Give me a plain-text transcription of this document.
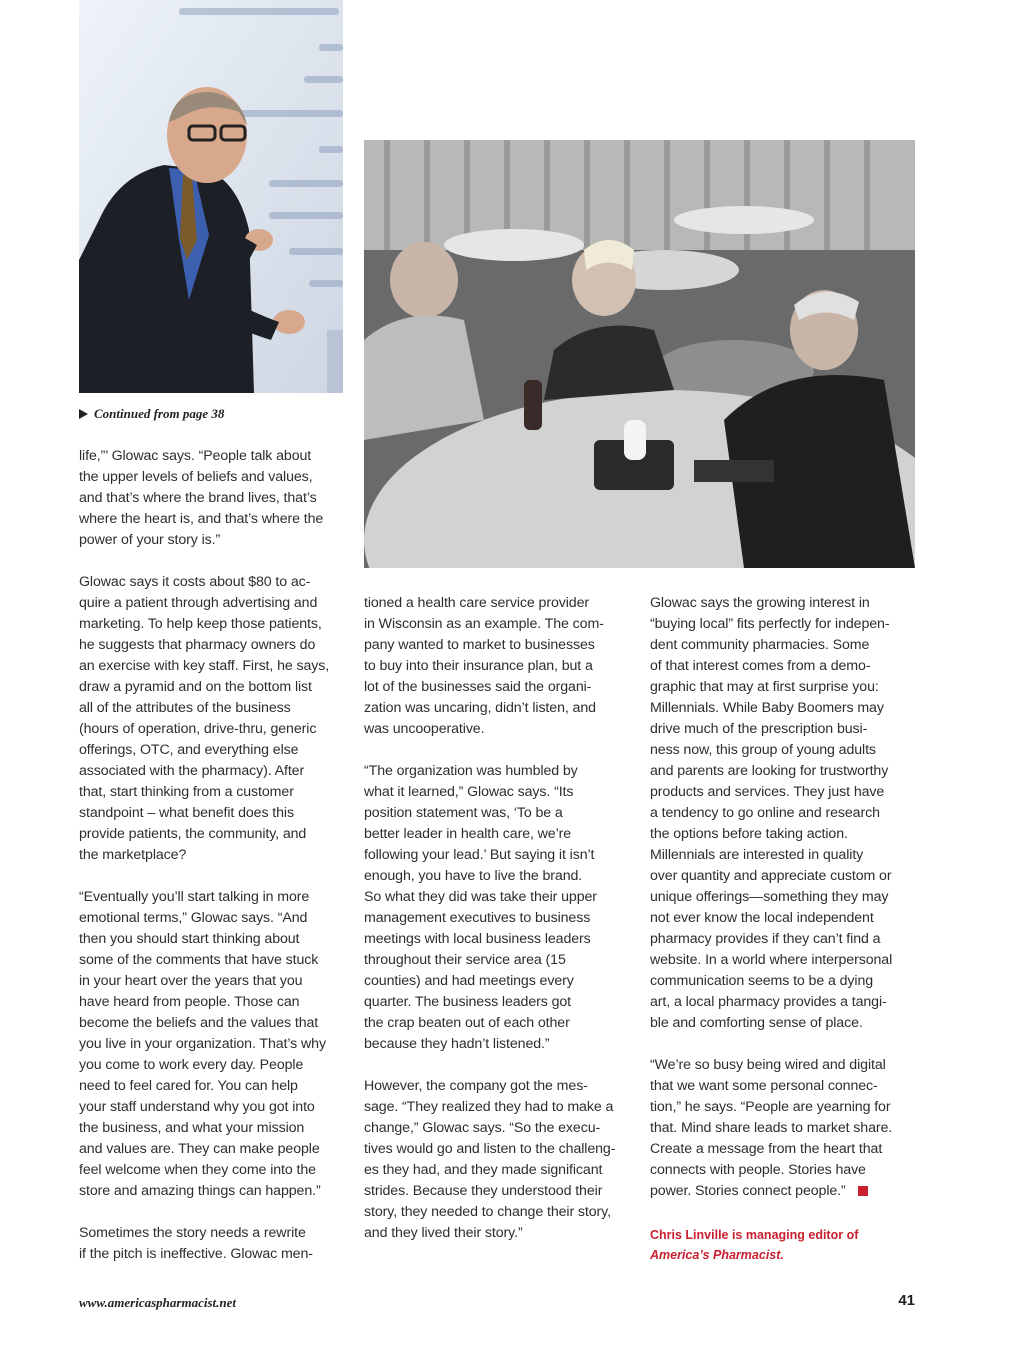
Continued from page 38

life,”’ Glowac says. “People talk about
the upper levels of beliefs and values,
and that’s where the brand lives, that’s
where the heart is, and that’s where the
power of your story is.”

Glowac says it costs about $80 to ac-
quire a patient through advertising and
marketing. To help keep those patients,
he suggests that pharmacy owners do
an exercise with key staff. First, he says,
draw a pyramid and on the bottom list
all of the attributes of the business
(hours of operation, drive-thru, generic
offerings, OTC, and everything else
associated with the pharmacy). After
that, start thinking from a customer
standpoint – what benefit does this
provide patients, the community, and
the marketplace?

“Eventually you’ll start talking in more
emotional terms,” Glowac says. “And
then you should start thinking about
some of the comments that have stuck
in your heart over the years that you
have heard from people. Those can
become the beliefs and the values that
you live in your organization. That’s why
you come to work every day. People
need to feel cared for. You can help
your staff understand why you got into
the business, and what your mission
and values are. They can make people
feel welcome when they come into the
store and amazing things can happen.”

Sometimes the story needs a rewrite
if the pitch is ineffective. Glowac men-

tioned a health care service provider
in Wisconsin as an example. The com-
pany wanted to market to businesses
to buy into their insurance plan, but a
lot of the businesses said the organi-
zation was uncaring, didn’t listen, and
was uncooperative.

“The organization was humbled by
what it learned,” Glowac says. “Its
position statement was, ‘To be a
better leader in health care, we’re
following your lead.’ But saying it isn’t
enough, you have to live the brand.
So what they did was take their upper
management executives to business
meetings with local business leaders
throughout their service area (15
counties) and had meetings every
quarter. The business leaders got
the crap beaten out of each other
because they hadn’t listened.”

However, the company got the mes-
sage. “They realized they had to make a
change,” Glowac says. “So the execu-
tives would go and listen to the challeng-
es they had, and they made significant
strides. Because they understood their
story, they needed to change their story,
and they lived their story.”

Glowac says the growing interest in
“buying local” fits perfectly for indepen-
dent community pharmacies. Some
of that interest comes from a demo-
graphic that may at first surprise you:
Millennials. While Baby Boomers may
drive much of the prescription busi-
ness now, this group of young adults
and parents are looking for trustworthy
products and services. They just have
a tendency to go online and research
the options before taking action.
Millennials are interested in quality
over quantity and appreciate custom or
unique offerings—something they may
not ever know the local independent
pharmacy provides if they can’t find a
website. In a world where interpersonal
communication seems to be a dying
art, a local pharmacy provides a tangi-
ble and comforting sense of place.

“We’re so busy being wired and digital
that we want some personal connec-
tion,” he says. “People are yearning for
that. Mind share leads to market share.
Create a message from the heart that
connects with people. Stories have
power. Stories connect people.”

Chris Linville is managing editor of
America’s Pharmacist.
www.americaspharmacist.net	41
